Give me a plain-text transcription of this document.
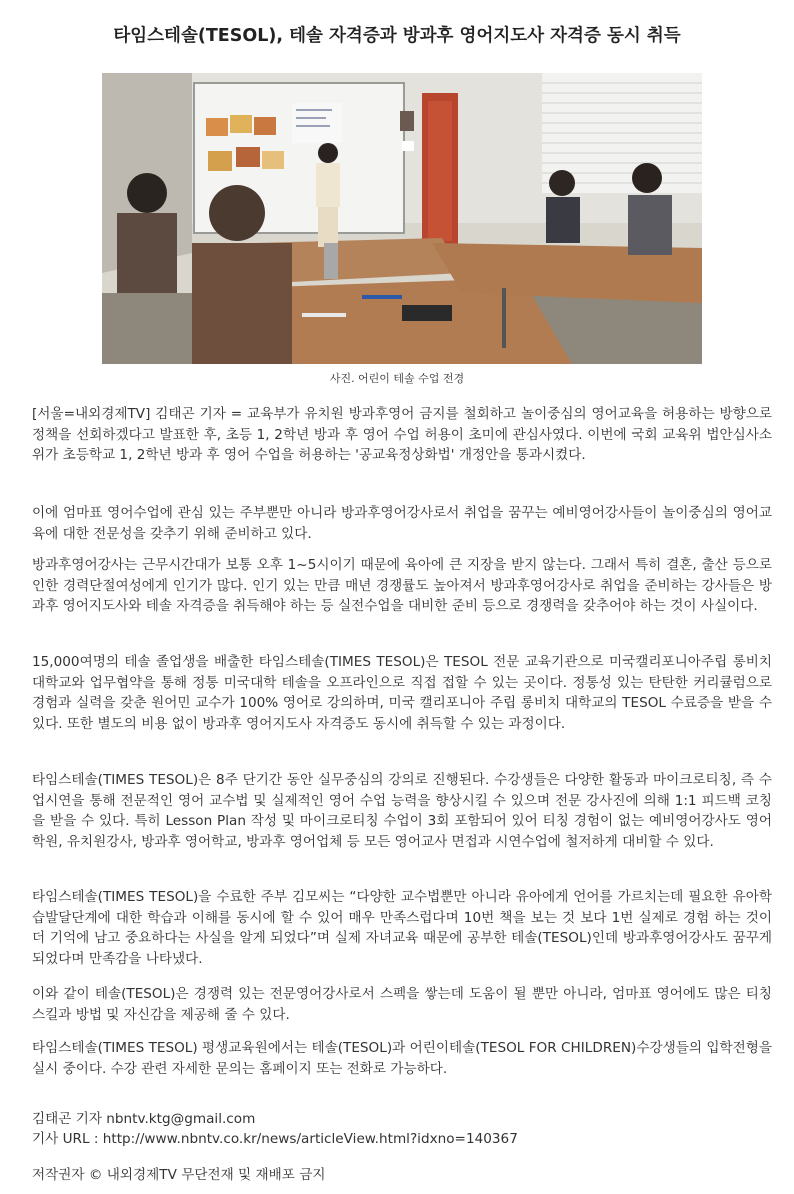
타임스테솔(TESOL), 테솔 자격증과 방과후 영어지도사 자격증 동시 취득
사진. 어린이 테솔 수업 전경

[서울=내외경제TV] 김태곤 기자 = 교육부가 유치원 방과후영어 금지를 철회하고 놀이중심의 영어교육을 허용하는 방향으로 정책을 선회하겠다고 발표한 후, 초등 1, 2학년 방과 후 영어 수업 허용이 초미에 관심사였다. 이번에 국회 교육위 법안심사소위가 초등학교 1, 2학년 방과 후 영어 수업을 허용하는 '공교육정상화법' 개정안을 통과시켰다.

이에 엄마표 영어수업에 관심 있는 주부뿐만 아니라 방과후영어강사로서 취업을 꿈꾸는 예비영어강사들이 놀이중심의 영어교육에 대한 전문성을 갖추기 위해 준비하고 있다.

방과후영어강사는 근무시간대가 보통 오후 1~5시이기 때문에 육아에 큰 지장을 받지 않는다. 그래서 특히 결혼, 출산 등으로 인한 경력단절여성에게 인기가 많다. 인기 있는 만큼 매년 경쟁률도 높아져서 방과후영어강사로 취업을 준비하는 강사들은 방과후 영어지도사와 테솔 자격증을 취득해야 하는 등 실전수업을 대비한 준비 등으로 경쟁력을 갖추어야 하는 것이 사실이다.

15,000여명의 테솔 졸업생을 배출한 타임스테솔(TIMES TESOL)은 TESOL 전문 교육기관으로 미국캘리포니아주립 롱비치 대학교와 업무협약을 통해 정통 미국대학 테솔을 오프라인으로 직접 접할 수 있는 곳이다. 정통성 있는 탄탄한 커리큘럼으로 경험과 실력을 갖춘 원어민 교수가 100% 영어로 강의하며, 미국 캘리포니아 주립 롱비치 대학교의 TESOL 수료증을 받을 수 있다. 또한 별도의 비용 없이 방과후 영어지도사 자격증도 동시에 취득할 수 있는 과정이다.

타임스테솔(TIMES TESOL)은 8주 단기간 동안 실무중심의 강의로 진행된다. 수강생들은 다양한 활동과 마이크로티칭, 즉 수업시연을 통해 전문적인 영어 교수법 및 실제적인 영어 수업 능력을 향상시킬 수 있으며 전문 강사진에 의해 1:1 피드백 코칭을 받을 수 있다. 특히 Lesson Plan 작성 및 마이크로티칭 수업이 3회 포함되어 있어 티칭 경험이 없는 예비영어강사도 영어학원, 유치원강사, 방과후 영어학교, 방과후 영어업체 등 모든 영어교사 면접과 시연수업에 철저하게 대비할 수 있다.

타임스테솔(TIMES TESOL)을 수료한 주부 김모씨는 “다양한 교수법뿐만 아니라 유아에게 언어를 가르치는데 필요한 유아학습발달단계에 대한 학습과 이해를 동시에 할 수 있어 매우 만족스럽다며 10번 책을 보는 것 보다 1번 실제로 경험 하는 것이 더 기억에 남고 중요하다는 사실을 알게 되었다”며 실제 자녀교육 때문에 공부한 테솔(TESOL)인데 방과후영어강사도 꿈꾸게 되었다며 만족감을 나타냈다.

이와 같이 테솔(TESOL)은 경쟁력 있는 전문영어강사로서 스펙을 쌓는데 도움이 될 뿐만 아니라, 엄마표 영어에도 많은 티칭 스킬과 방법 및 자신감을 제공해 줄 수 있다.

타임스테솔(TIMES TESOL) 평생교육원에서는 테솔(TESOL)과 어린이테솔(TESOL FOR CHILDREN)수강생들의 입학전형을 실시 중이다. 수강 관련 자세한 문의는 홈페이지 또는 전화로 가능하다.

김태곤 기자 nbntv.ktg@gmail.com
기사 URL : http://www.nbntv.co.kr/news/articleView.html?idxno=140367
저작권자 © 내외경제TV 무단전재 및 재배포 금지
